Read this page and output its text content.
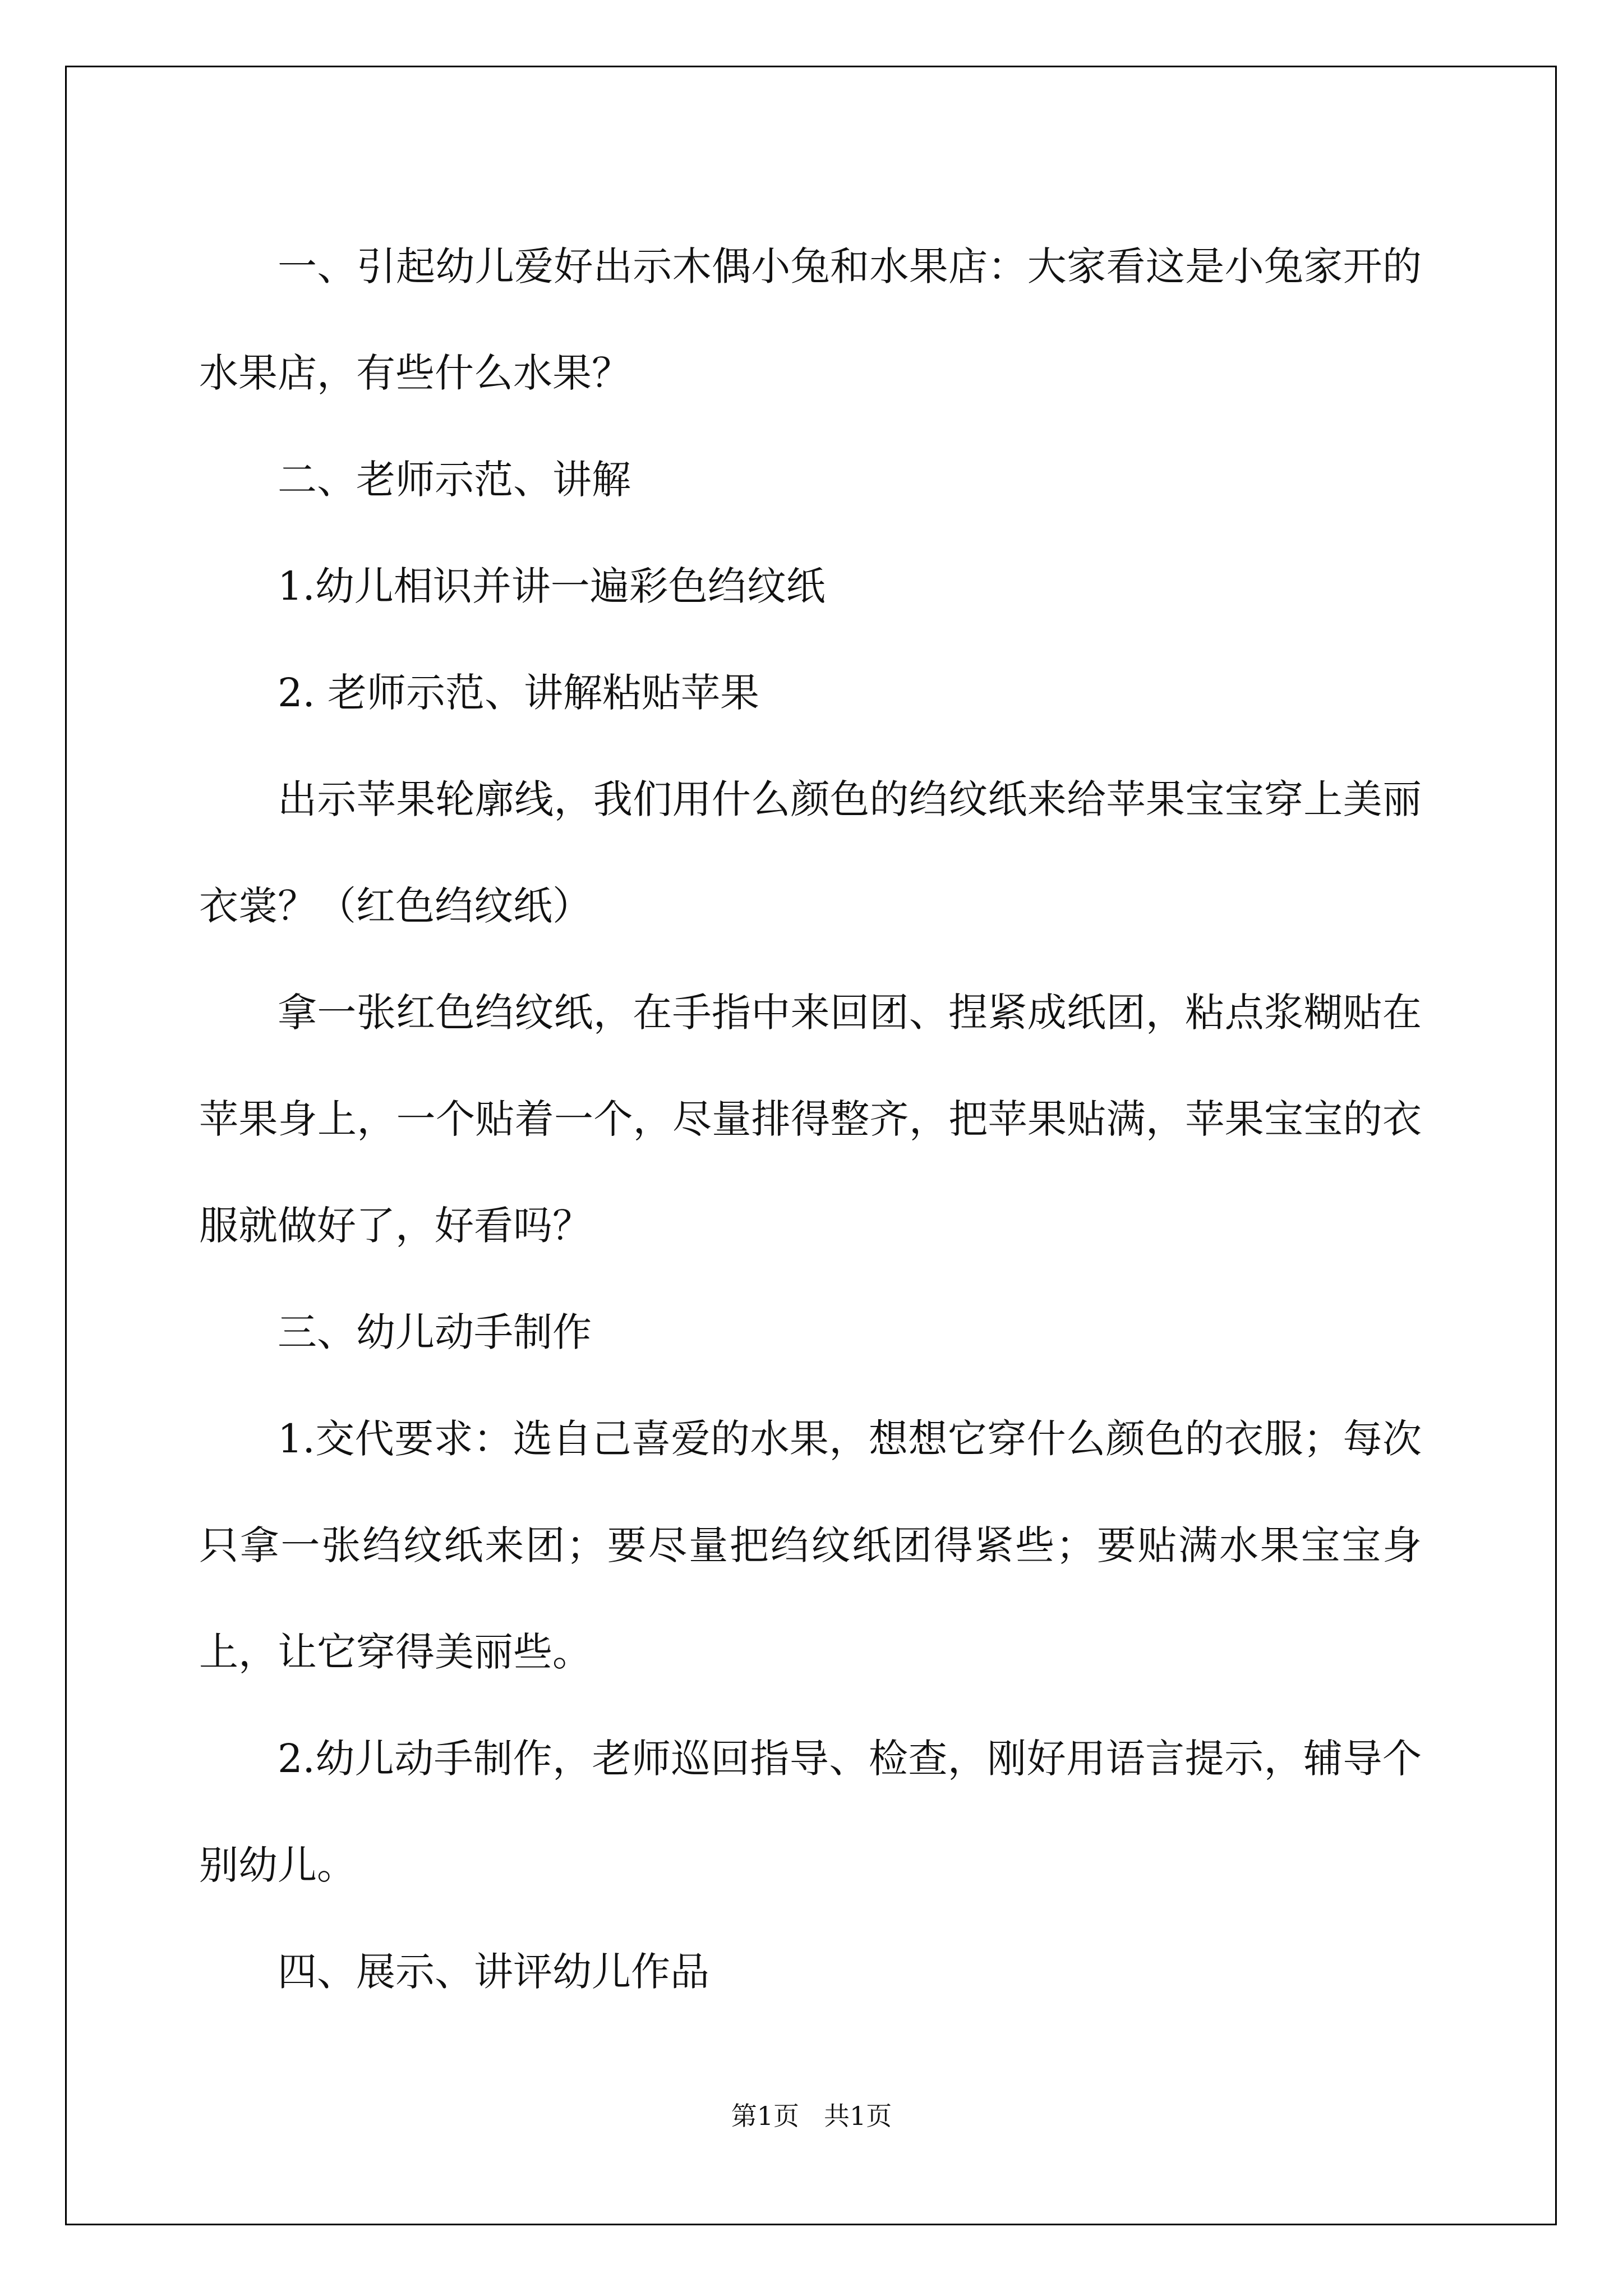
一、引起幼儿爱好出示木偶小兔和水果店：大家看这是小兔家开的水果店，有些什么水果？

二、老师示范、讲解

1.幼儿相识并讲一遍彩色绉纹纸

2. 老师示范、讲解粘贴苹果

出示苹果轮廓线，我们用什么颜色的绉纹纸来给苹果宝宝穿上美丽衣裳？（红色绉纹纸）

拿一张红色绉纹纸，在手指中来回团、捏紧成纸团，粘点浆糊贴在苹果身上，一个贴着一个，尽量排得整齐，把苹果贴满，苹果宝宝的衣服就做好了，好看吗？

三、幼儿动手制作

1.交代要求：选自己喜爱的水果，想想它穿什么颜色的衣服；每次只拿一张绉纹纸来团；要尽量把绉纹纸团得紧些；要贴满水果宝宝身上，让它穿得美丽些。

2.幼儿动手制作，老师巡回指导、检查，刚好用语言提示，辅导个别幼儿。

四、展示、讲评幼儿作品

第1页 共1页
